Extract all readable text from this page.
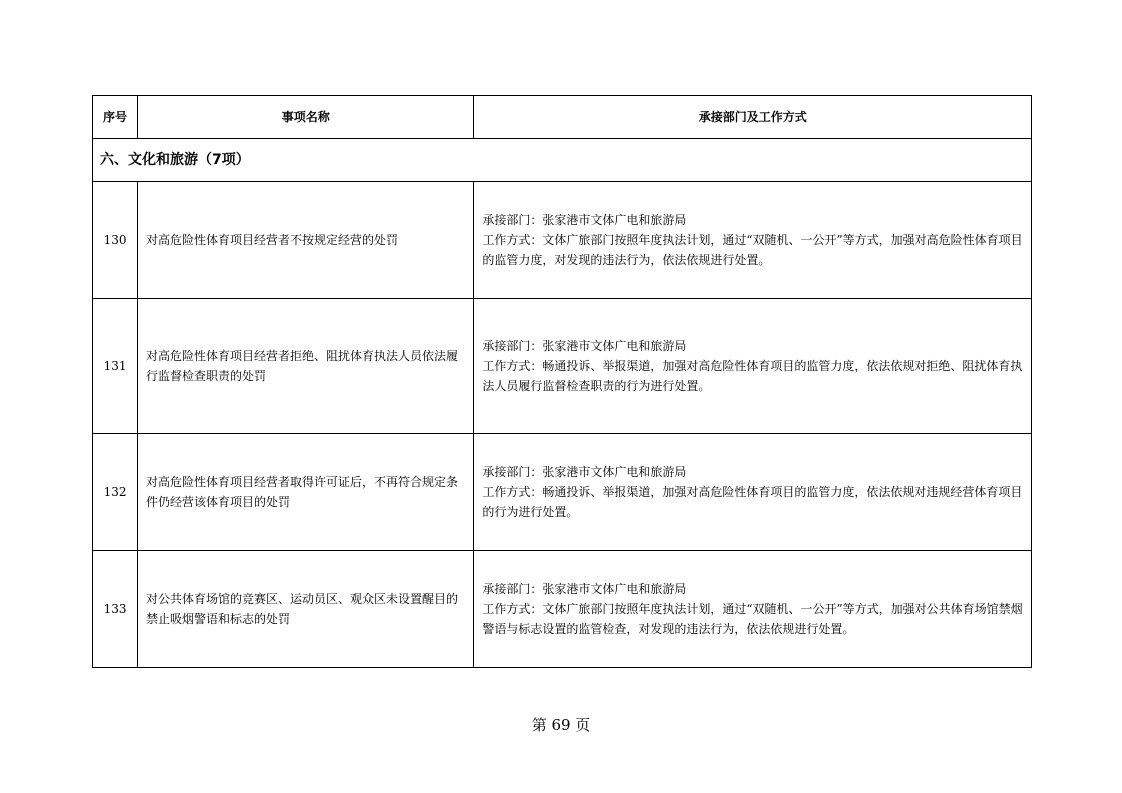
序号	事项名称	承接部门及工作方式
六、文化和旅游（7项）		
130	对高危险性体育项目经营者不按规定经营的处罚	承接部门：张家港市文体广电和旅游局
工作方式：文体广旅部门按照年度执法计划，通过“双随机、一公开”等方式，加强对高危险性体育项目的监管力度，对发现的违法行为，依法依规进行处置。

131	对高危险性体育项目经营者拒绝、阻扰体育执法人员依法履行监督检查职责的处罚	承接部门：张家港市文体广电和旅游局
工作方式：畅通投诉、举报渠道，加强对高危险性体育项目的监管力度，依法依规对拒绝、阻扰体育执法人员履行监督检查职责的行为进行处置。

132	对高危险性体育项目经营者取得许可证后，不再符合规定条件仍经营该体育项目的处罚	承接部门：张家港市文体广电和旅游局
工作方式：畅通投诉、举报渠道，加强对高危险性体育项目的监管力度，依法依规对违规经营体育项目的行为进行处置。

133	对公共体育场馆的竞赛区、运动员区、观众区未设置醒目的禁止吸烟警语和标志的处罚	承接部门：张家港市文体广电和旅游局
工作方式：文体广旅部门按照年度执法计划，通过“双随机、一公开”等方式，加强对公共体育场馆禁烟警语与标志设置的监管检查，对发现的违法行为，依法依规进行处置。
第 69 页
